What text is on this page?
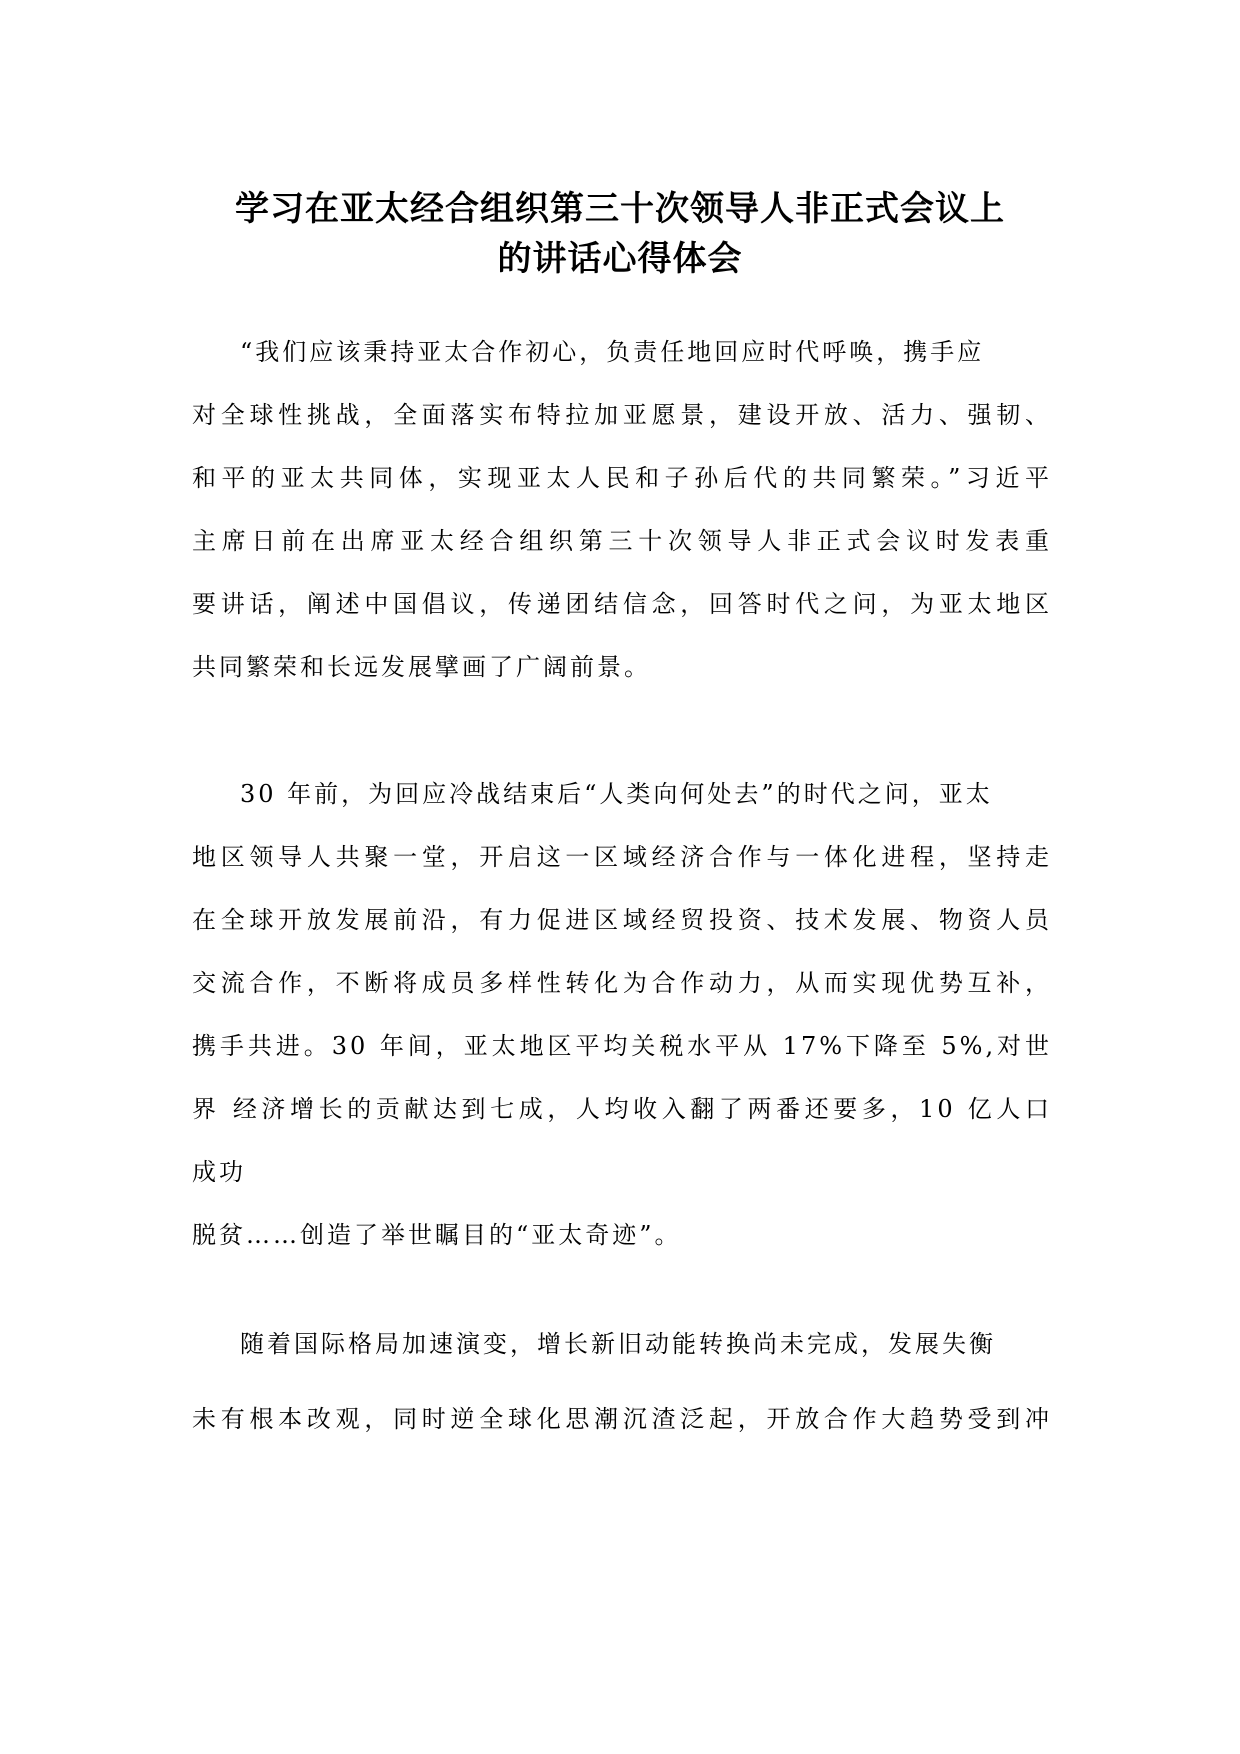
学习在亚太经合组织第三十次领导人非正式会议上
的讲话心得体会
“我们应该秉持亚太合作初心，负责任地回应时代呼唤，携手应
对全球性挑战，全面落实布特拉加亚愿景，建设开放、活力、强韧、
和平的亚太共同体，实现亚太人民和子孙后代的共同繁荣。”习近平
主席日前在出席亚太经合组织第三十次领导人非正式会议时发表重
要讲话，阐述中国倡议，传递团结信念，回答时代之问，为亚太地区
共同繁荣和长远发展擘画了广阔前景。
30 年前，为回应冷战结束后“人类向何处去”的时代之问，亚太
地区领导人共聚一堂，开启这一区域经济合作与一体化进程，坚持走
在全球开放发展前沿，有力促进区域经贸投资、技术发展、物资人员
交流合作，不断将成员多样性转化为合作动力，从而实现优势互补，
携手共进。30 年间，亚太地区平均关税水平从 17%下降至 5%,对世
界 经济增长的贡献达到七成，人均收入翻了两番还要多，10 亿人口
成功
脱贫……创造了举世瞩目的“亚太奇迹”。
随着国际格局加速演变，增长新旧动能转换尚未完成，发展失衡
未有根本改观，同时逆全球化思潮沉渣泛起，开放合作大趋势受到冲
